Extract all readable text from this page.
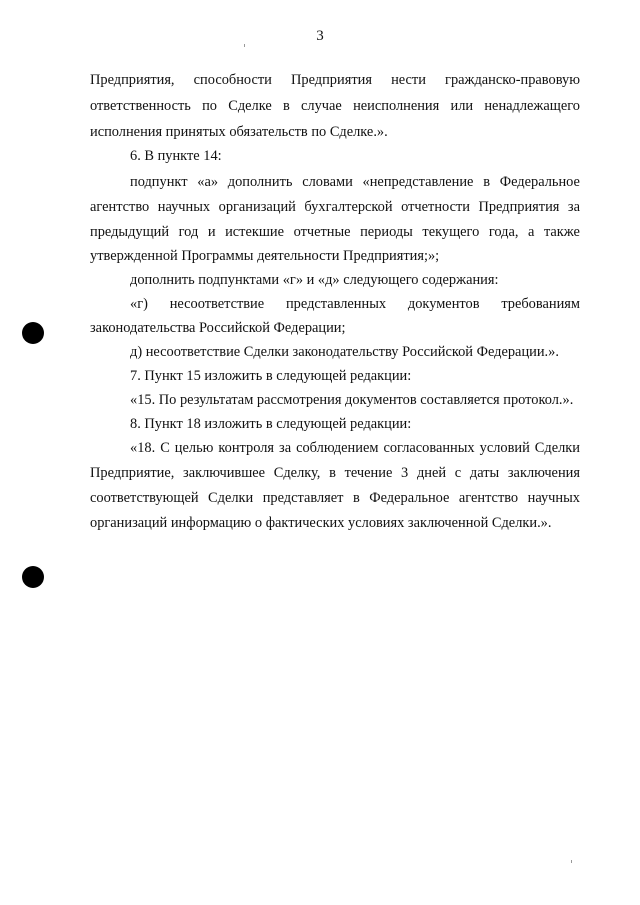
3
Предприятия, способности Предприятия нести гражданско-правовую
ответственность по Сделке в случае неисполнения или ненадлежащего
исполнения принятых обязательств по Сделке.».
6. В пункте 14:
подпункт «а» дополнить словами «непредставление в Федеральное
агентство научных организаций бухгалтерской отчетности Предприятия за
предыдущий год и истекшие отчетные периоды текущего года, а также
утвержденной Программы деятельности Предприятия;»;
дополнить подпунктами «г» и «д» следующего содержания:
«г) несоответствие представленных документов требованиям
законодательства Российской Федерации;
д) несоответствие Сделки законодательству Российской Федерации.».
7. Пункт 15 изложить в следующей редакции:
«15. По результатам рассмотрения документов составляется протокол.».
8. Пункт 18 изложить в следующей редакции:
«18. С целью контроля за соблюдением согласованных условий Сделки
Предприятие, заключившее Сделку, в течение 3 дней с даты заключения
соответствующей Сделки представляет в Федеральное агентство научных
организаций информацию о фактических условиях заключенной Сделки.».
